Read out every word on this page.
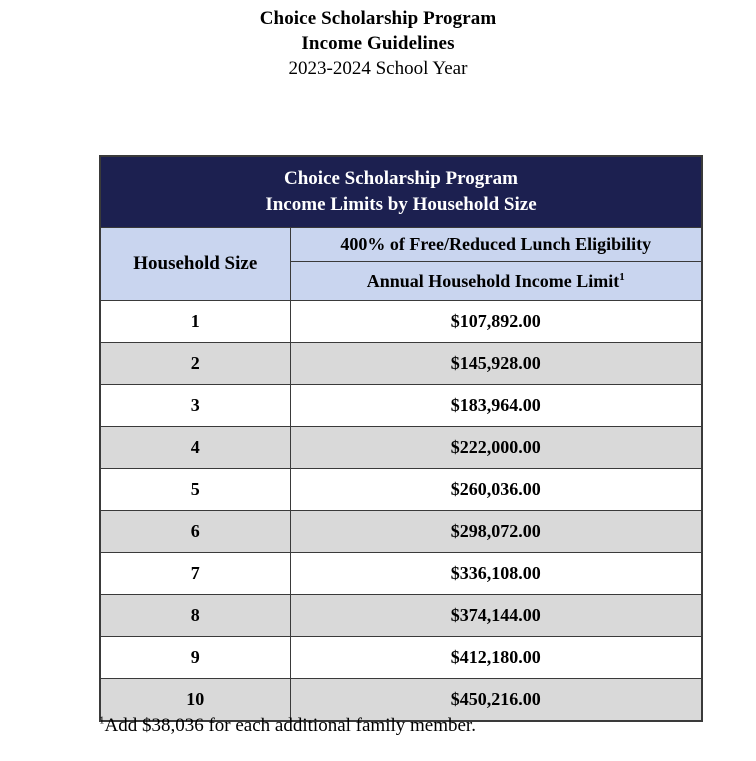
Choice Scholarship Program
Income Guidelines
2023-2024 School Year
Choice Scholarship Program
Income Limits by Household Size	

Household Size	400% of Free/Reduced Lunch Eligibility
	Annual Household Income Limit$^1$
1	$107,892.00
2	$145,928.00
3	$183,964.00
4	$222,000.00
5	$260,036.00
6	$298,072.00
7	$336,108.00
8	$374,144.00
9	$412,180.00
10	$450,216.00
$^1$Add $38,036 for each additional family member.
